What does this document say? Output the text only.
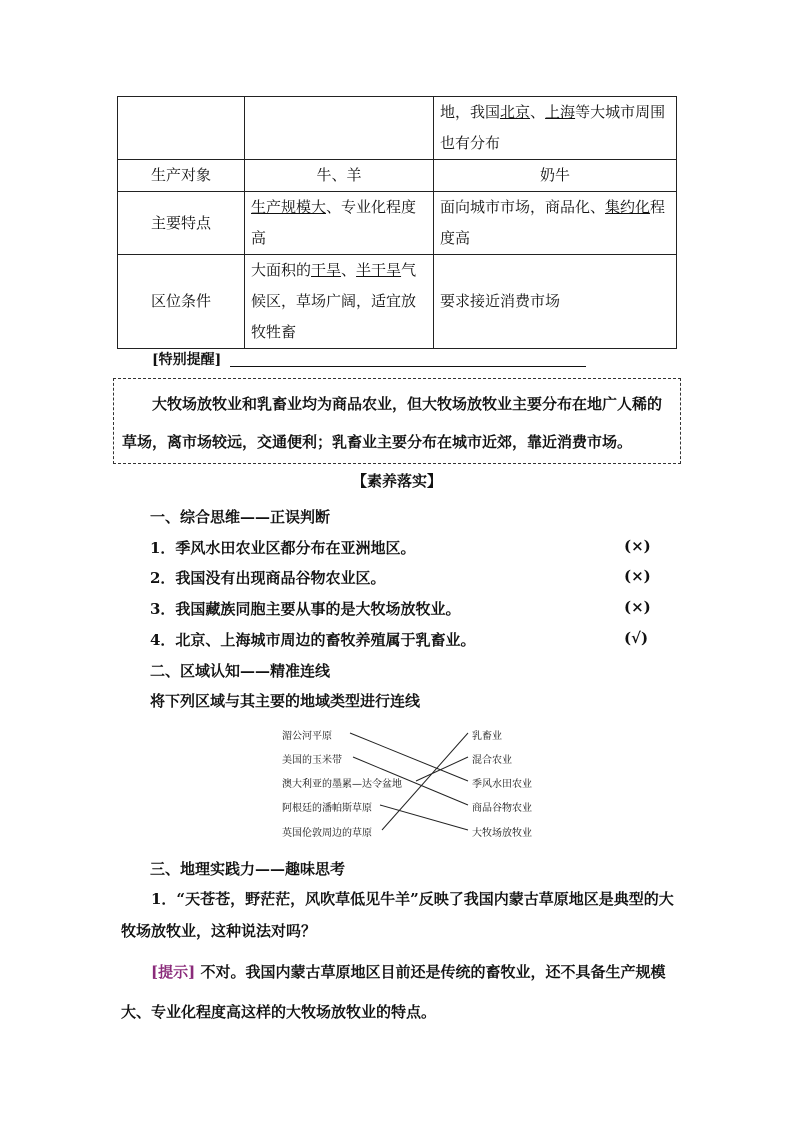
		地，我国北京、上海等大城市周围也有分布
生产对象	牛、羊	奶牛
主要特点	生产规模大、专业化程度高	面向城市市场，商品化、集约化程度高
区位条件	大面积的干旱、半干旱气候区，草场广阔，适宜放牧牲畜	要求接近消费市场
[特别提醒]

大牧场放牧业和乳畜业均为商品农业，但大牧场放牧业主要分布在地广人稀的草场，离市场较远，交通便利；乳畜业主要分布在城市近郊，靠近消费市场。

【素养落实】
一、综合思维——正误判断
1．季风水田农业区都分布在亚洲地区。	(×)
2．我国没有出现商品谷物农业区。	(×)
3．我国藏族同胞主要从事的是大牧场放牧业。	(×)
4．北京、上海城市周边的畜牧养殖属于乳畜业。	(√)
二、区域认知——精准连线
将下列区域与其主要的地域类型进行连线
湄公河平原
美国的玉米带
澳大利亚的墨累—达令盆地
阿根廷的潘帕斯草原
英国伦敦周边的草原
乳畜业
混合农业
季风水田农业
商品谷物农业
大牧场放牧业
三、地理实践力——趣味思考

1．“天苍苍，野茫茫，风吹草低见牛羊”反映了我国内蒙古草原地区是典型的大牧场放牧业，这种说法对吗？

[提示] 不对。我国内蒙古草原地区目前还是传统的畜牧业，还不具备生产规模大、专业化程度高这样的大牧场放牧业的特点。
